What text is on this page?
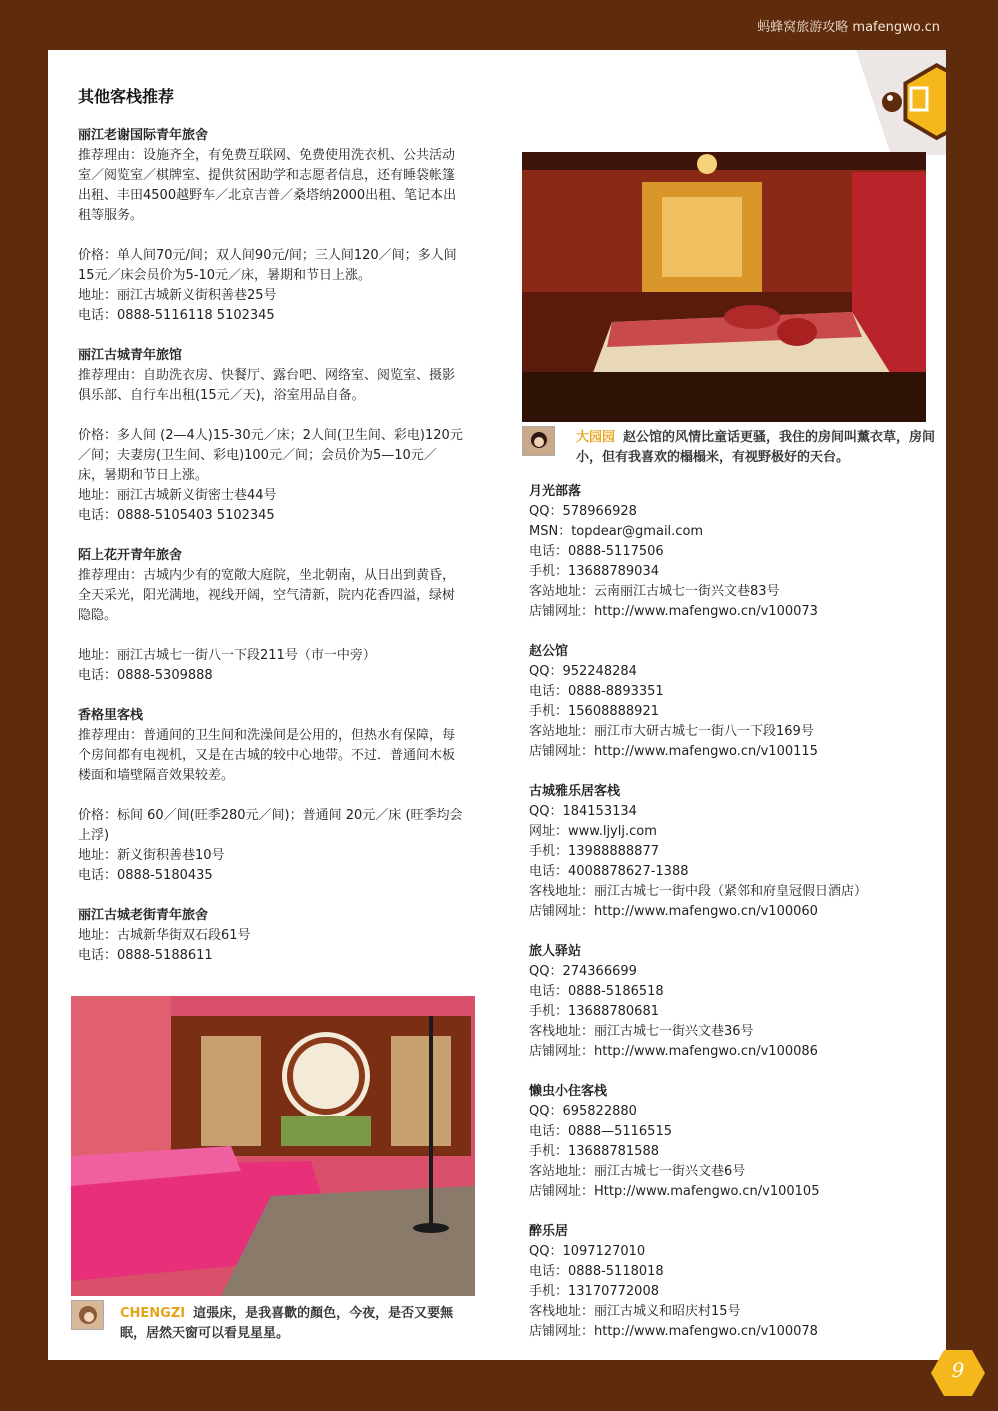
蚂蜂窝旅游攻略 mafengwo.cn
其他客栈推荐
丽江老谢国际青年旅舍
推荐理由：设施齐全，有免费互联网、免费使用洗衣机、公共活动
室／阅览室／棋牌室、提供贫困助学和志愿者信息，还有睡袋帐篷
出租、丰田4500越野车／北京吉普／桑塔纳2000出租、笔记本出
租等服务。
价格：单人间70元/间；双人间90元/间；三人间120／间；多人间
15元／床会员价为5-10元／床，暑期和节日上涨。
地址：丽江古城新义街积善巷25号
电话：0888-5116118 5102345
丽江古城青年旅馆
推荐理由：自助洗衣房、快餐厅、露台吧、网络室、阅览室、摄影
俱乐部、自行车出租(15元／天)，浴室用品自备。
价格：多人间 (2—4人)15-30元／床；2人间(卫生间、彩电)120元
／间；夫妻房(卫生间、彩电)100元／间；会员价为5—10元／
床，暑期和节日上涨。
地址：丽江古城新义街密士巷44号
电话：0888-5105403 5102345
陌上花开青年旅舍
推荐理由：古城内少有的宽敞大庭院，坐北朝南，从日出到黄昏，
全天采光，阳光满地，视线开阔，空气清新，院内花香四溢，绿树
隐隐。
地址：丽江古城七一街八一下段211号（市一中旁）
电话：0888-5309888
香格里客栈
推荐理由：普通间的卫生间和洗澡间是公用的，但热水有保障，每
个房间都有电视机，又是在古城的较中心地带。不过．普通间木板
楼面和墙壁隔音效果较差。
价格：标间 60／间(旺季280元／间)；普通间 20元／床 (旺季均会
上浮)
地址：新义街积善巷10号
电话：0888-5180435
丽江古城老街青年旅舍
地址：古城新华街双石段61号
电话：0888-5188611
大园园 赵公馆的风情比童话更骚，我住的房间叫薰衣草，房间小，但有我喜欢的榻榻米，有视野极好的天台。
月光部落
QQ：578966928
MSN：topdear@gmail.com
电话：0888-5117506
手机：13688789034
客站地址：云南丽江古城七一街兴文巷83号
店铺网址：http://www.mafengwo.cn/v100073
赵公馆
QQ：952248284
电话：0888-8893351
手机：15608888921
客站地址：丽江市大研古城七一街八一下段169号
店铺网址：http://www.mafengwo.cn/v100115
古城雅乐居客栈
QQ：184153134
网址：www.ljylj.com
手机：13988888877
电话：4008878627-1388
客栈地址：丽江古城七一街中段（紧邻和府皇冠假日酒店）
店铺网址：http://www.mafengwo.cn/v100060
旅人驿站
QQ：274366699
电话：0888-5186518
手机：13688780681
客栈地址：丽江古城七一街兴文巷36号
店铺网址：http://www.mafengwo.cn/v100086
懒虫小住客栈
QQ：695822880
电话：0888—5116515
手机：13688781588
客站地址：丽江古城七一街兴文巷6号
店铺网址：Http://www.mafengwo.cn/v100105
醉乐居
QQ：1097127010
电话：0888-5118018
手机：13170772008
客栈地址：丽江古城义和昭庆村15号
店铺网址：http://www.mafengwo.cn/v100078
CHENGZI 這張床，是我喜歡的顏色，今夜，是否又要無眠，居然天窗可以看見星星。
9
